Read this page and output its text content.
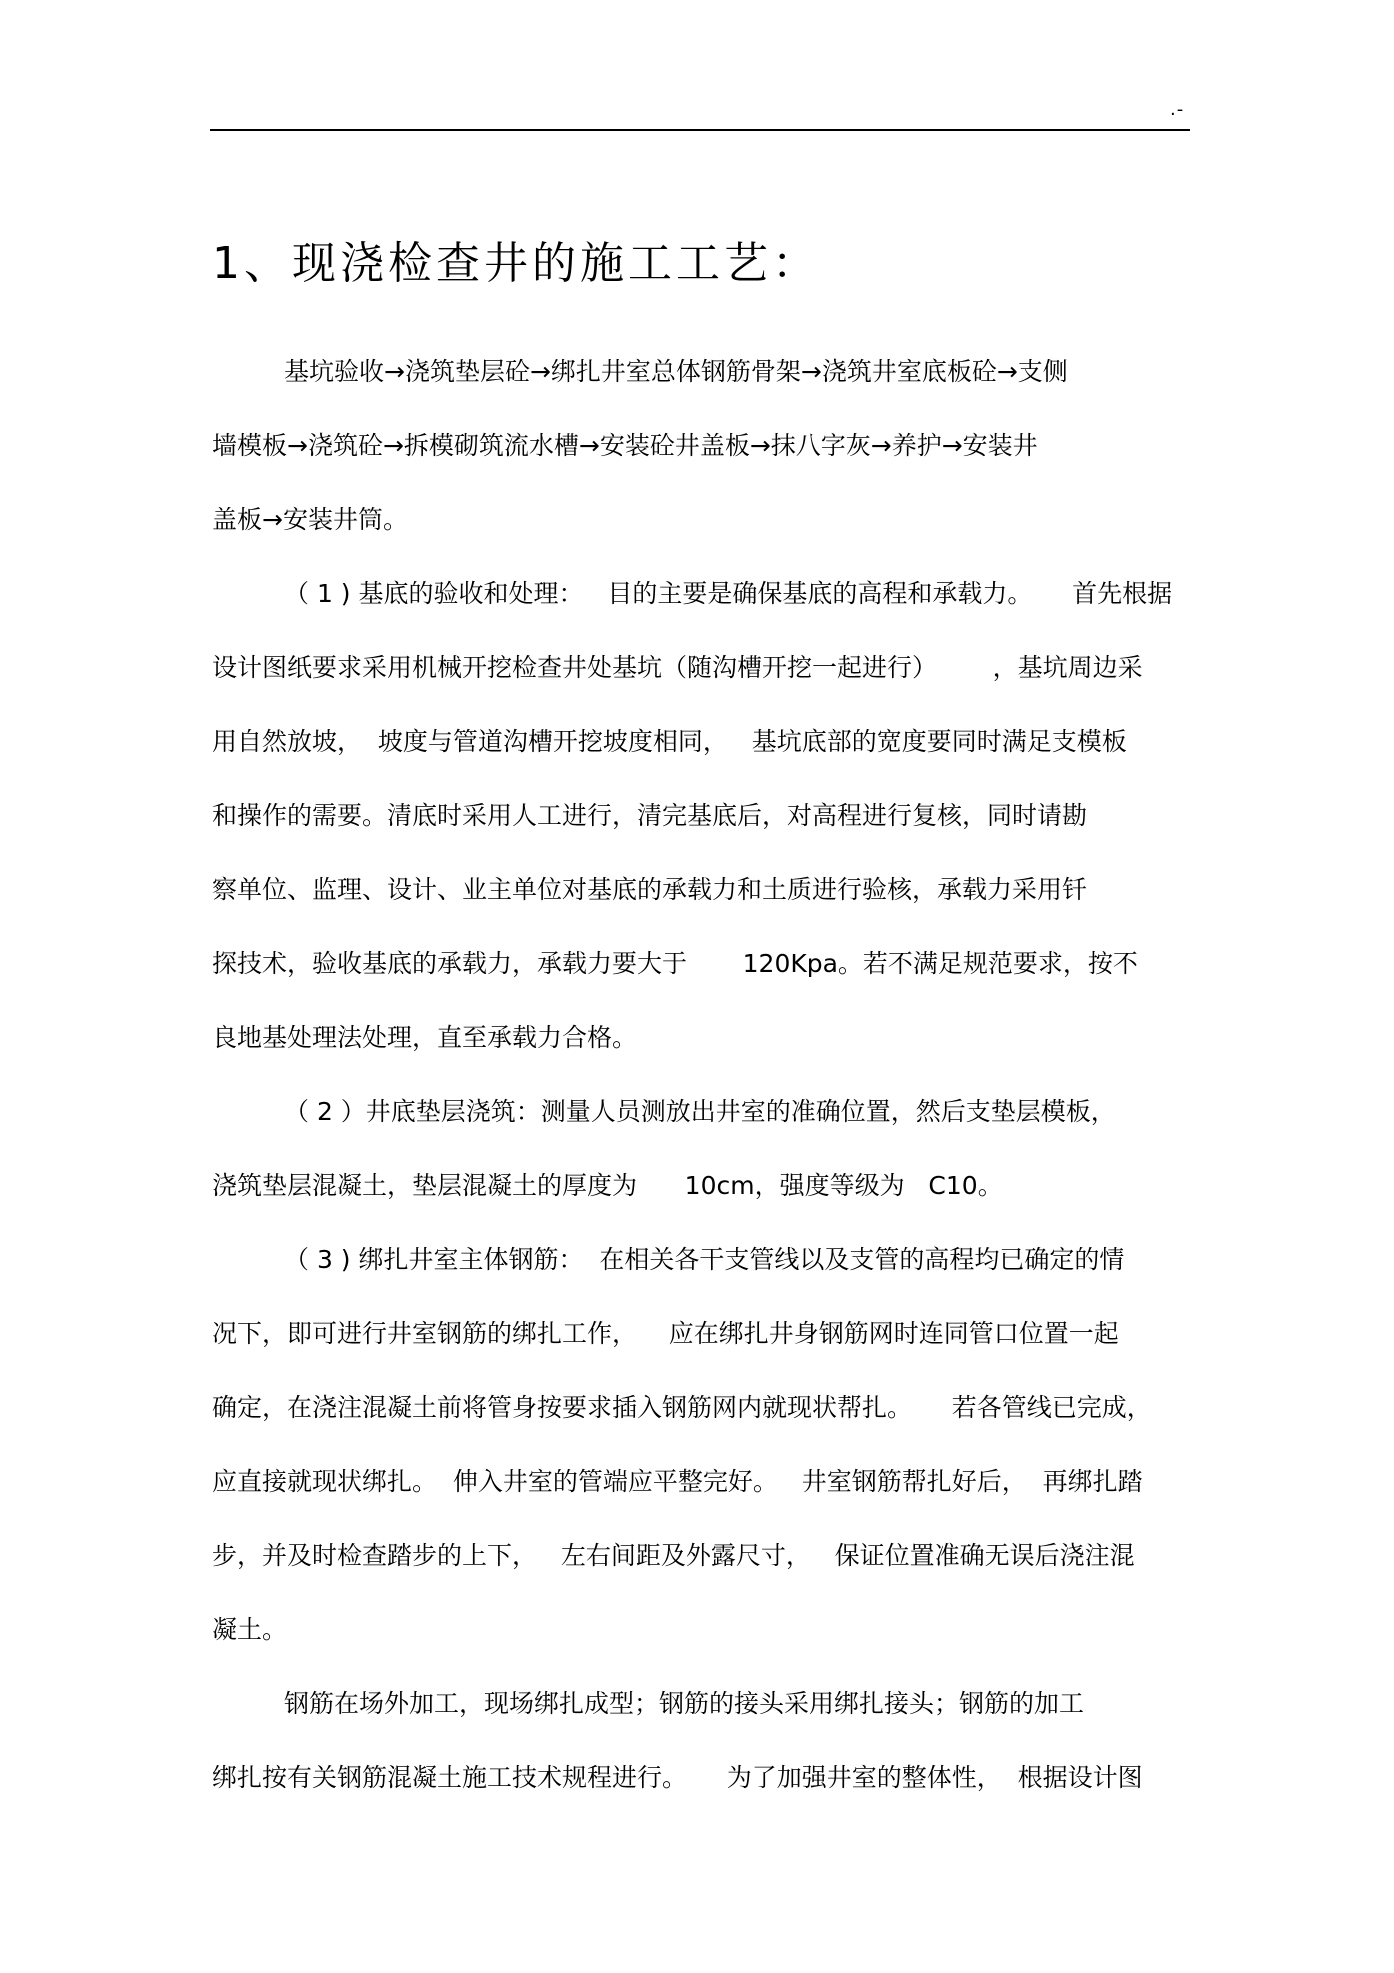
.-
1、现浇检查井的施工工艺：
基坑验收→浇筑垫层砼→绑扎井室总体钢筋骨架→浇筑井室底板砼→支侧
墙模板→浇筑砼→拆模砌筑流水槽→安装砼井盖板→抹八字灰→养护→安装井
盖板→安装井筒。
（ 1 ) 基底的验收和处理：   目的主要是确保基底的高程和承载力。     首先根据
设计图纸要求采用机械开挖检查井处基坑（随沟槽开挖一起进行）       ，基坑周边采
用自然放坡，  坡度与管道沟槽开挖坡度相同，   基坑底部的宽度要同时满足支模板
和操作的需要。清底时采用人工进行，清完基底后，对高程进行复核，同时请勘
察单位、监理、设计、业主单位对基底的承载力和土质进行验核，承载力采用钎
探技术，验收基底的承载力，承载力要大于       120Kpa。若不满足规范要求，按不
良地基处理法处理，直至承载力合格。
（ 2 ）井底垫层浇筑：测量人员测放出井室的准确位置，然后支垫层模板，
浇筑垫层混凝土，垫层混凝土的厚度为      10cm，强度等级为   C10。
（ 3 ) 绑扎井室主体钢筋：  在相关各干支管线以及支管的高程均已确定的情
况下，即可进行井室钢筋的绑扎工作，    应在绑扎井身钢筋网时连同管口位置一起
确定，在浇注混凝土前将管身按要求插入钢筋网内就现状帮扎。     若各管线已完成，
应直接就现状绑扎。  伸入井室的管端应平整完好。   井室钢筋帮扎好后，  再绑扎踏
步，并及时检查踏步的上下，   左右间距及外露尺寸，   保证位置准确无误后浇注混
凝土。
钢筋在场外加工，现场绑扎成型；钢筋的接头采用绑扎接头；钢筋的加工
绑扎按有关钢筋混凝土施工技术规程进行。     为了加强井室的整体性，  根据设计图
